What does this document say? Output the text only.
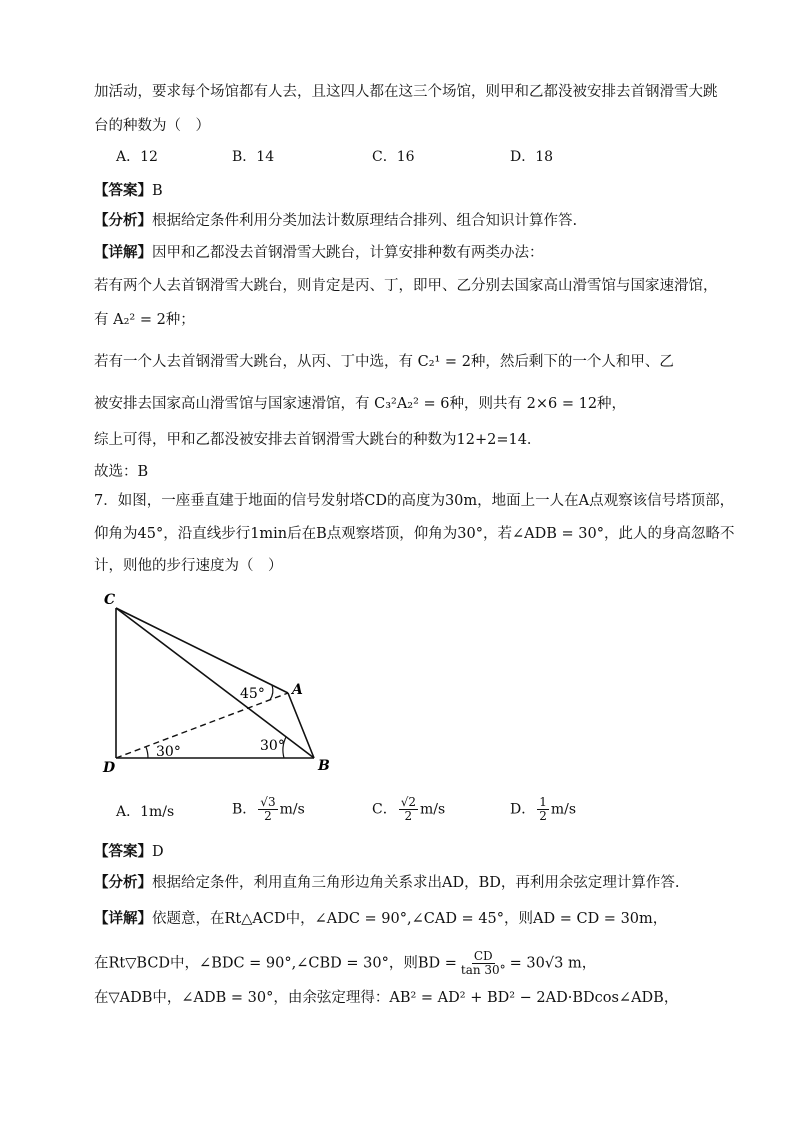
加活动，要求每个场馆都有人去，且这四人都在这三个场馆，则甲和乙都没被安排去首钢滑雪大跳
台的种数为（　）
A．12	B．14	C．16	D．18
【答案】B
【分析】根据给定条件利用分类加法计数原理结合排列、组合知识计算作答.
【详解】因甲和乙都没去首钢滑雪大跳台，计算安排种数有两类办法：
若有两个人去首钢滑雪大跳台，则肯定是丙、丁，即甲、乙分别去国家高山滑雪馆与国家速滑馆，
有 A₂² = 2种；
若有一个人去首钢滑雪大跳台，从丙、丁中选，有 C₂¹ = 2种，然后剩下的一个人和甲、乙
被安排去国家高山滑雪馆与国家速滑馆，有 C₃²A₂² = 6种，则共有 2×6 = 12种，
综上可得，甲和乙都没被安排去首钢滑雪大跳台的种数为12+2=14．
故选：B
7．如图，一座垂直建于地面的信号发射塔CD的高度为30m，地面上一人在A点观察该信号塔顶部，
仰角为45°，沿直线步行1min后在B点观察塔顶，仰角为30°，若∠ADB = 30°，此人的身高忽略不
计，则他的步行速度为（　）
C
A
D	B
45°
30°
30°
A．1m/s	B． $\frac{√3}{2} m/s$	C． $\frac{√2}{2} m/s$	D． $\frac{1}{2} m/s$
【答案】D
【分析】根据给定条件，利用直角三角形边角关系求出AD，BD，再利用余弦定理计算作答.
【详解】依题意，在Rt△ACD中，∠ADC = 90°,∠CAD = 45°，则AD = CD = 30m，
在Rt▽BCD中，∠BDC = 90°,∠CBD = 30°，则BD = $\frac{CD}{\tan 30^\circ} = 30√3$ m，
在▽ADB中，∠ADB = 30°，由余弦定理得：AB² = AD² + BD² − 2AD·BDcos∠ADB，
